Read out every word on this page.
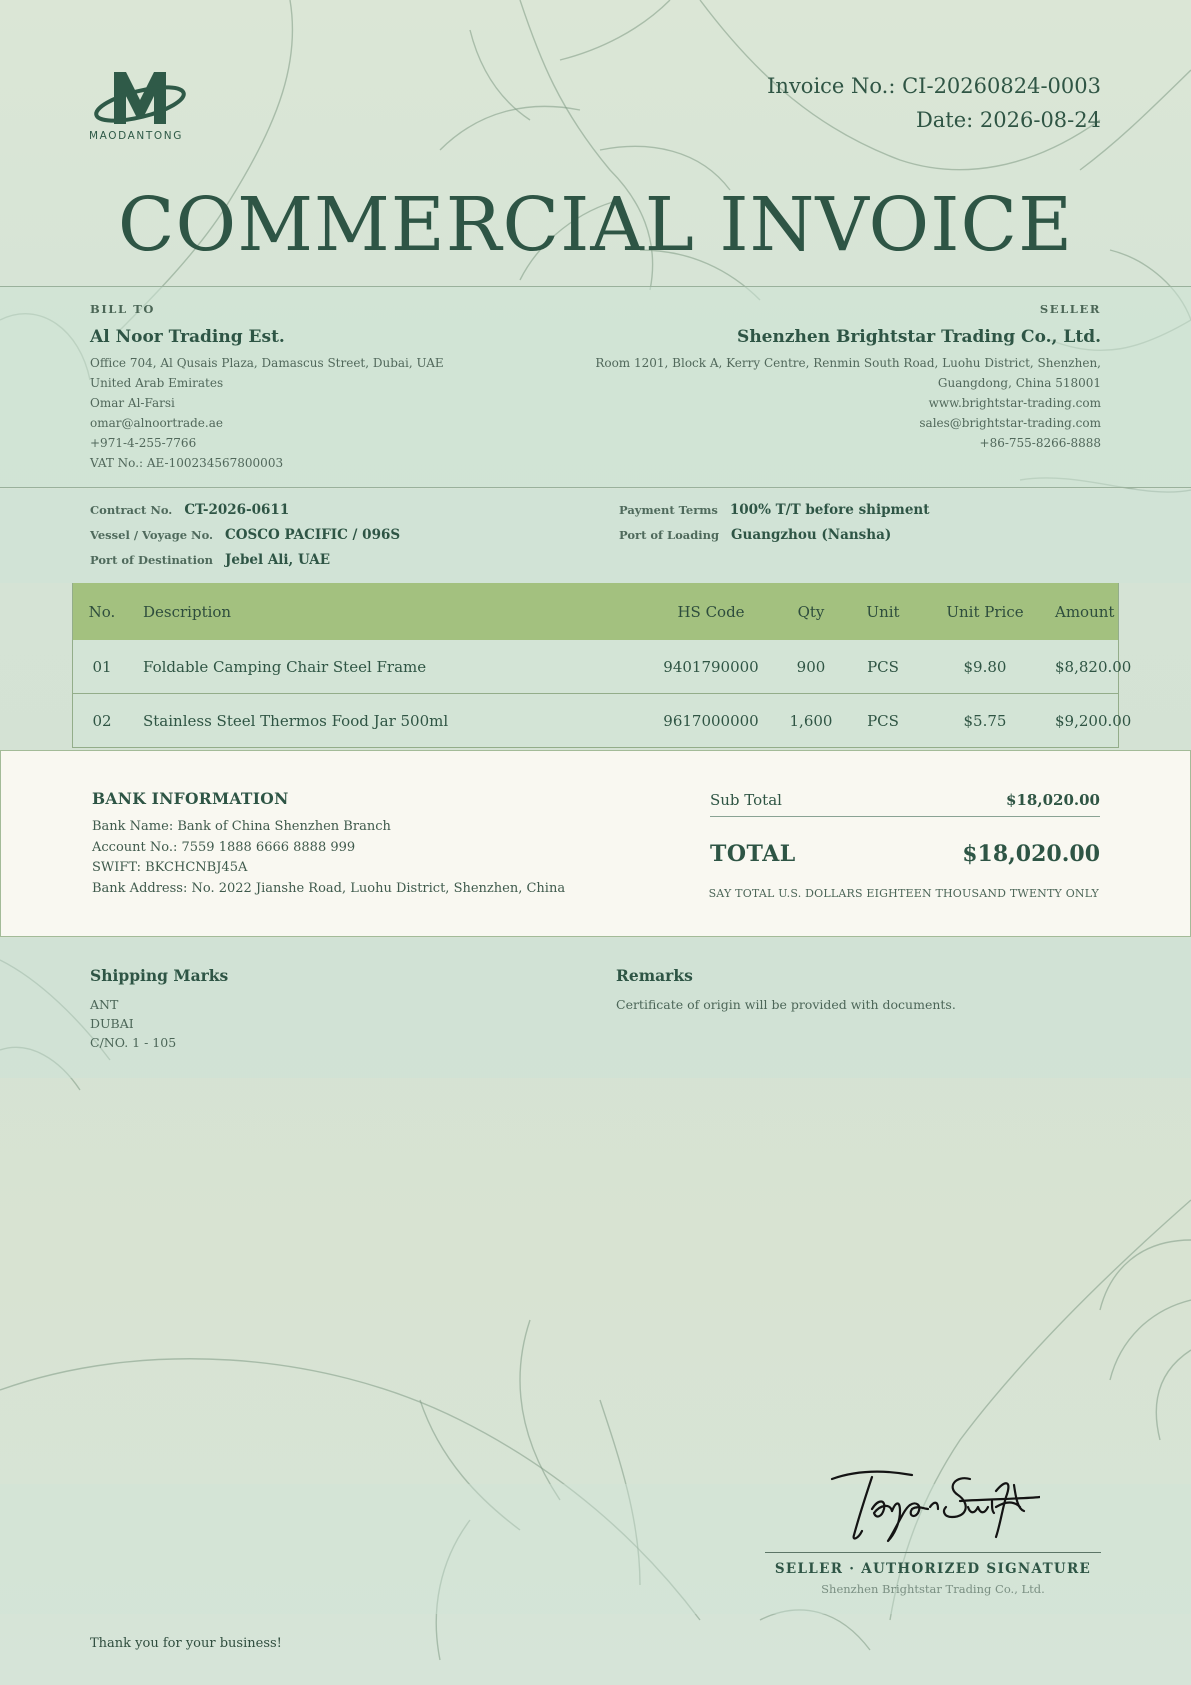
MAODANTONG
Invoice No.: CI-20260824-0003
Date: 2026-08-24
COMMERCIAL INVOICE
BILL TO
Al Noor Trading Est.
Office 704, Al Qusais Plaza, Damascus Street, Dubai, UAE
United Arab Emirates
Omar Al-Farsi
omar@alnoortrade.ae
+971-4-255-7766
VAT No.: AE-100234567800003
SELLER
Shenzhen Brightstar Trading Co., Ltd.
Room 1201, Block A, Kerry Centre, Renmin South Road, Luohu District, Shenzhen,
Guangdong, China 518001
www.brightstar-trading.com
sales@brightstar-trading.com
+86-755-8266-8888
Contract No. CT-2026-0611
Vessel / Voyage No. COSCO PACIFIC / 096S
Port of Destination Jebel Ali, UAE
Payment Terms 100% T/T before shipment
Port of Loading Guangzhou (Nansha)
No.	Description	HS Code	Qty	Unit	Unit Price	Amount
01	Foldable Camping Chair Steel Frame	9401790000	900	PCS	$9.80	$8,820.00
02	Stainless Steel Thermos Food Jar 500ml	9617000000	1,600	PCS	$5.75	$9,200.00
BANK INFORMATION
Bank Name: Bank of China Shenzhen Branch
Account No.: 7559 1888 6666 8888 999
SWIFT: BKCHCNBJ45A
Bank Address: No. 2022 Jianshe Road, Luohu District, Shenzhen, China
Sub Total	$18,020.00
TOTAL	$18,020.00
SAY TOTAL U.S. DOLLARS EIGHTEEN THOUSAND TWENTY ONLY
Shipping Marks
ANT
DUBAI
C/NO. 1 - 105
Remarks
Certificate of origin will be provided with documents.
SELLER · AUTHORIZED SIGNATURE
Shenzhen Brightstar Trading Co., Ltd.
Thank you for your business!
